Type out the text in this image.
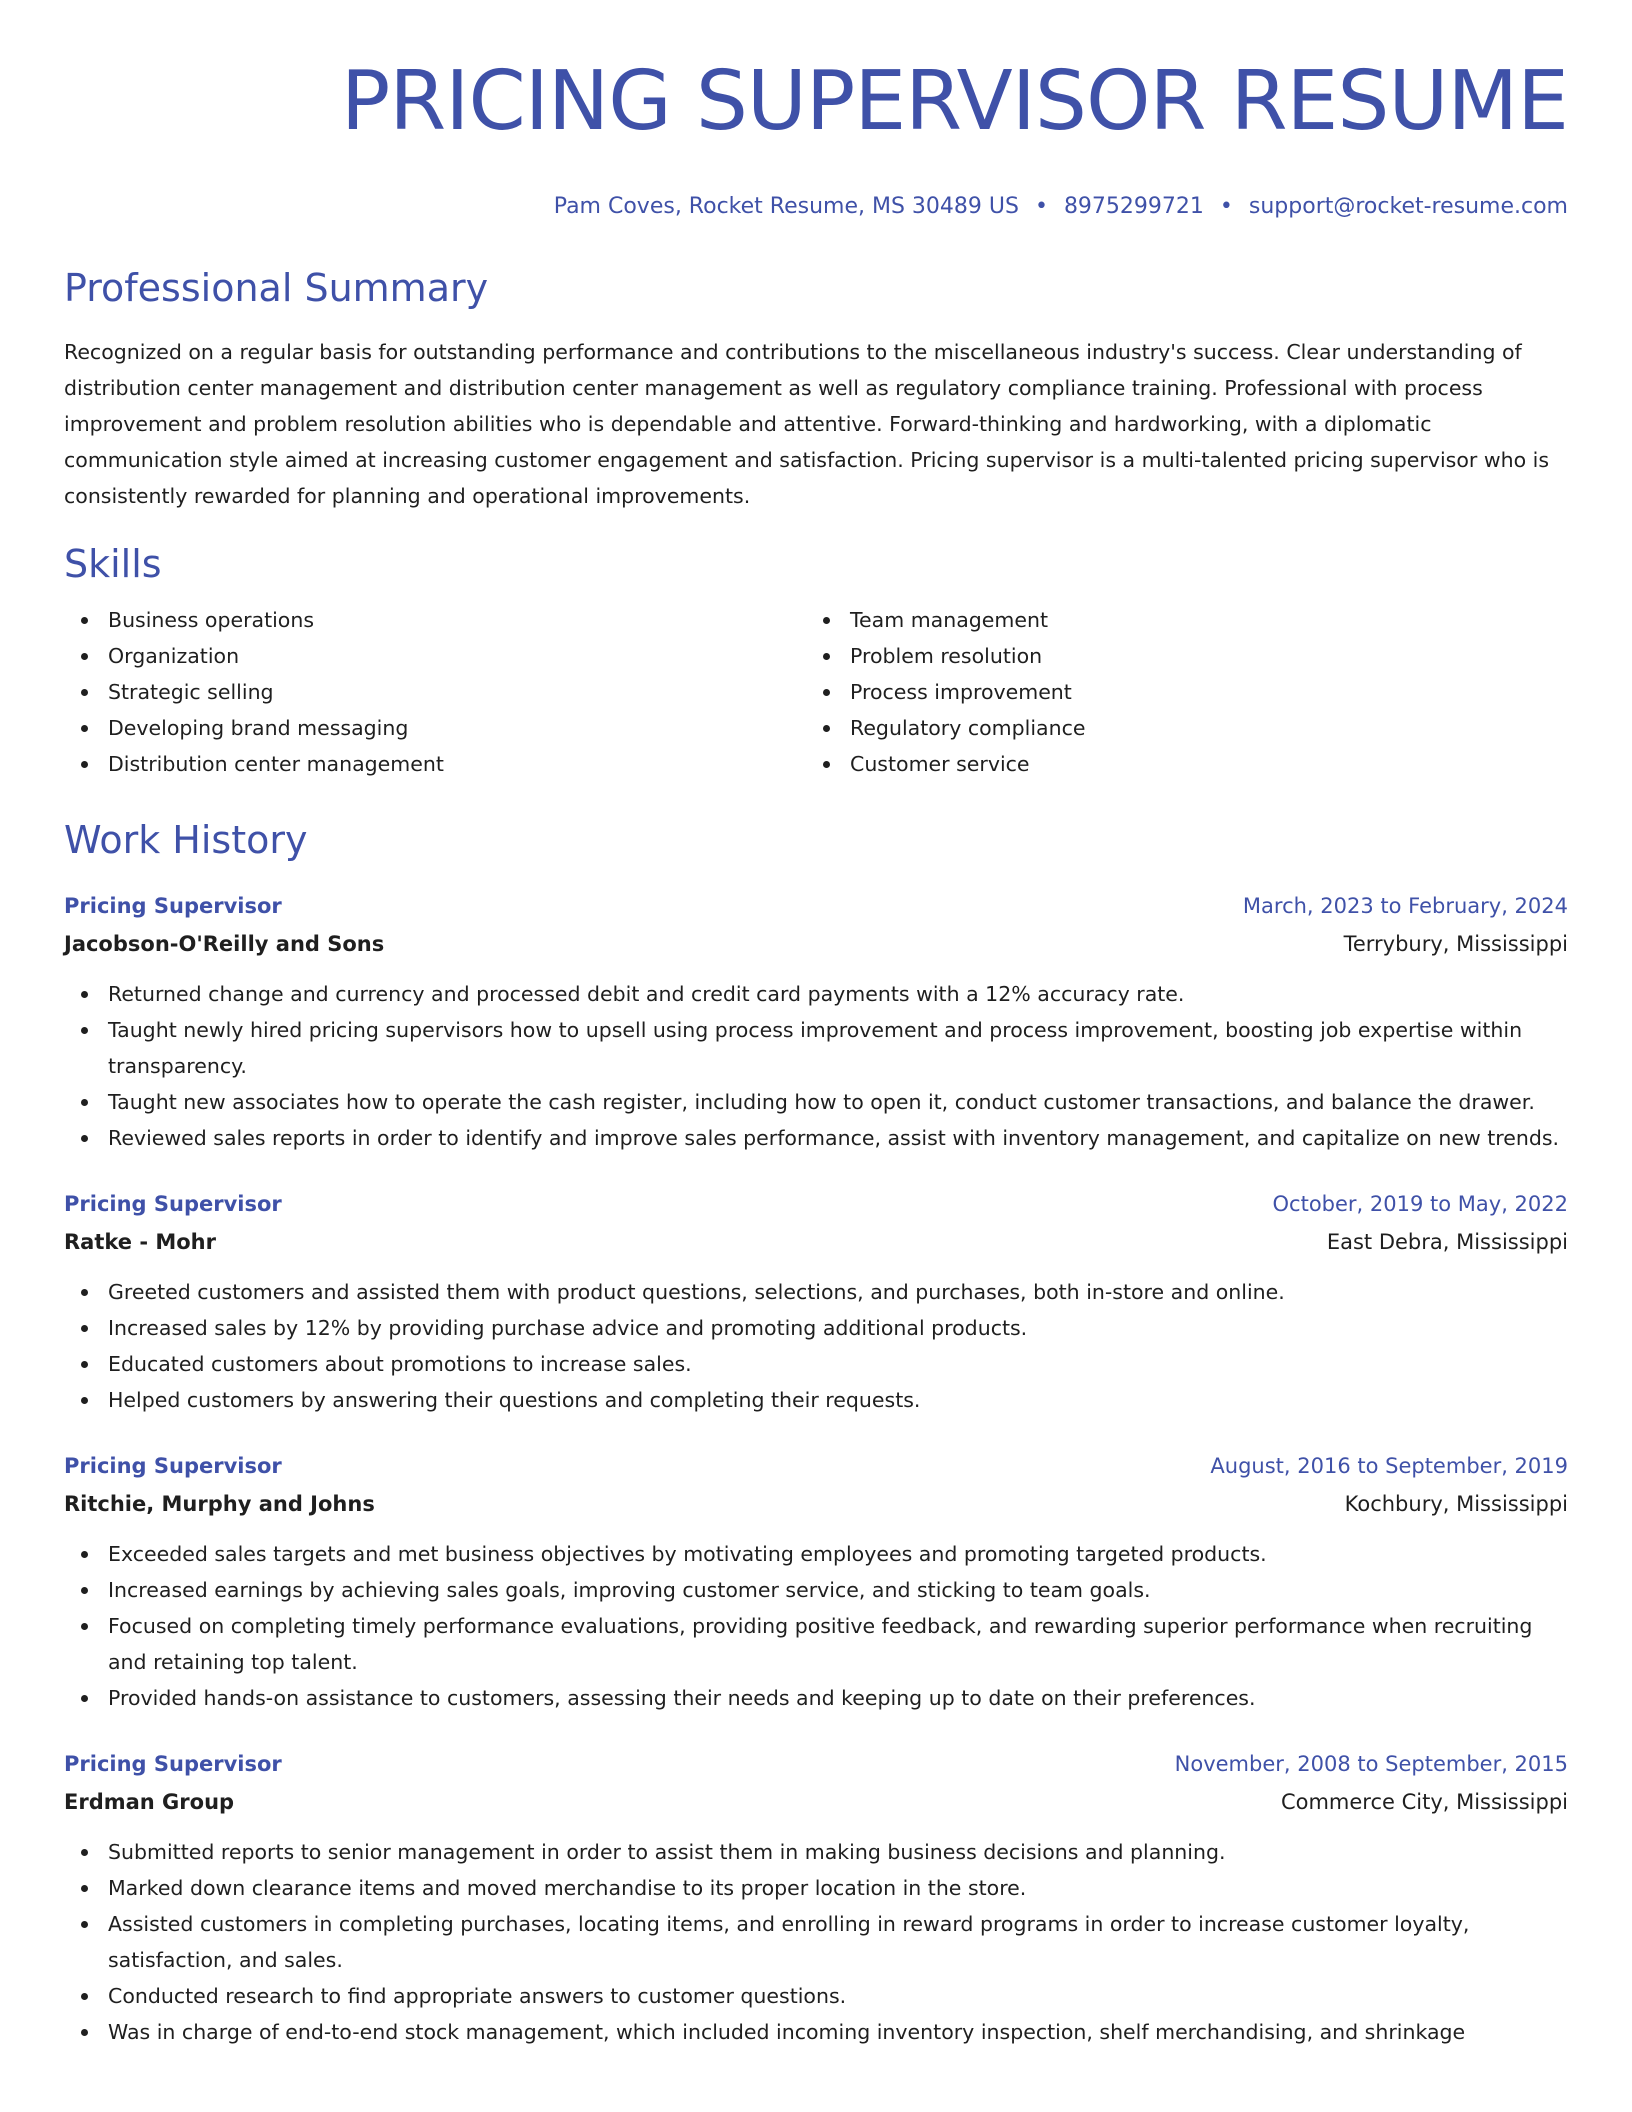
PRICING SUPERVISOR RESUME
Pam Coves, Rocket Resume, MS 30489 US • 8975299721 • support@rocket-resume.com
Professional Summary
Recognized on a regular basis for outstanding performance and contributions to the miscellaneous industry's success. Clear understanding of distribution center management and distribution center management as well as regulatory compliance training. Professional with process improvement and problem resolution abilities who is dependable and attentive. Forward-thinking and hardworking, with a diplomatic communication style aimed at increasing customer engagement and satisfaction. Pricing supervisor is a multi-talented pricing supervisor who is consistently rewarded for planning and operational improvements.
Skills
Business operations
Organization
Strategic selling
Developing brand messaging
Distribution center management
Team management
Problem resolution
Process improvement
Regulatory compliance
Customer service
Work History
Pricing Supervisor	March, 2023 to February, 2024
Jacobson-O'Reilly and Sons	Terrybury, Mississippi
Returned change and currency and processed debit and credit card payments with a 12% accuracy rate.
Taught newly hired pricing supervisors how to upsell using process improvement and process improvement, boosting job expertise within transparency.
Taught new associates how to operate the cash register, including how to open it, conduct customer transactions, and balance the drawer.
Reviewed sales reports in order to identify and improve sales performance, assist with inventory management, and capitalize on new trends.
Pricing Supervisor	October, 2019 to May, 2022
Ratke - Mohr	East Debra, Mississippi
Greeted customers and assisted them with product questions, selections, and purchases, both in-store and online.
Increased sales by 12% by providing purchase advice and promoting additional products.
Educated customers about promotions to increase sales.
Helped customers by answering their questions and completing their requests.
Pricing Supervisor	August, 2016 to September, 2019
Ritchie, Murphy and Johns	Kochbury, Mississippi
Exceeded sales targets and met business objectives by motivating employees and promoting targeted products.
Increased earnings by achieving sales goals, improving customer service, and sticking to team goals.
Focused on completing timely performance evaluations, providing positive feedback, and rewarding superior performance when recruiting and retaining top talent.
Provided hands-on assistance to customers, assessing their needs and keeping up to date on their preferences.
Pricing Supervisor	November, 2008 to September, 2015
Erdman Group	Commerce City, Mississippi
Submitted reports to senior management in order to assist them in making business decisions and planning.
Marked down clearance items and moved merchandise to its proper location in the store.
Assisted customers in completing purchases, locating items, and enrolling in reward programs in order to increase customer loyalty, satisfaction, and sales.
Conducted research to find appropriate answers to customer questions.
Was in charge of end-to-end stock management, which included incoming inventory inspection, shelf merchandising, and shrinkage
